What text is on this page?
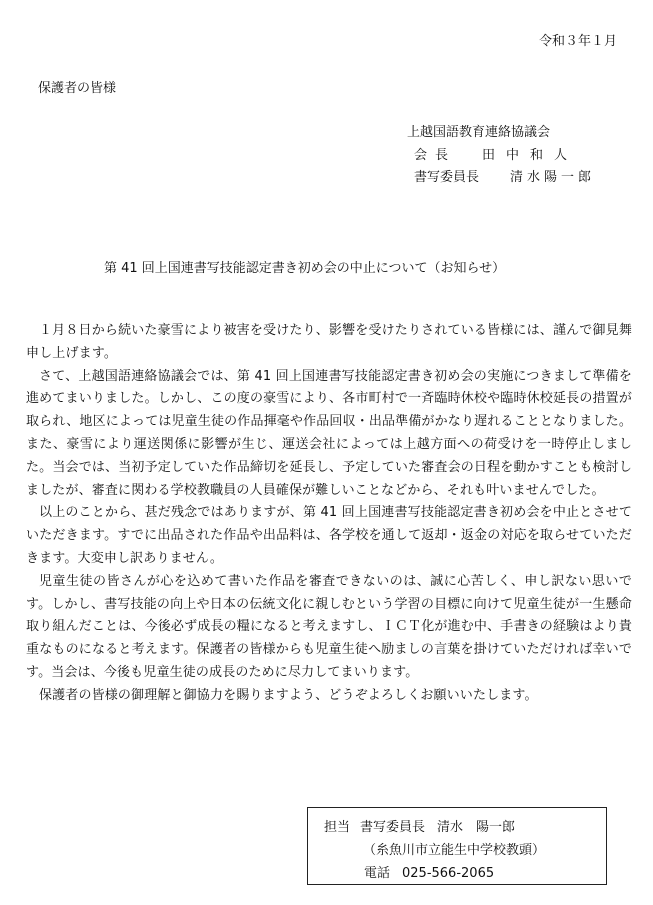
令和３年１月
保護者の皆様
上越国語教育連絡協議会
会長 田中和人
書写委員長 清水陽一郎
第 41 回上国連書写技能認定書き初め会の中止について（お知らせ）

１月８日から続いた豪雪により被害を受けたり、影響を受けたりされている皆様には、謹んで御見舞申し上げます。

さて、上越国語連絡協議会では、第 41 回上国連書写技能認定書き初め会の実施につきまして準備を進めてまいりました。しかし、この度の豪雪により、各市町村で一斉臨時休校や臨時休校延長の措置が取られ、地区によっては児童生徒の作品揮毫や作品回収・出品準備がかなり遅れることとなりました。また、豪雪により運送関係に影響が生じ、運送会社によっては上越方面への荷受けを一時停止しました。当会では、当初予定していた作品締切を延長し、予定していた審査会の日程を動かすことも検討しましたが、審査に関わる学校教職員の人員確保が難しいことなどから、それも叶いませんでした。

以上のことから、甚だ残念ではありますが、第 41 回上国連書写技能認定書き初め会を中止とさせていただきます。すでに出品された作品や出品料は、各学校を通して返却・返金の対応を取らせていただきます。大変申し訳ありません。

児童生徒の皆さんが心を込めて書いた作品を審査できないのは、誠に心苦しく、申し訳ない思いです。しかし、書写技能の向上や日本の伝統文化に親しむという学習の目標に向けて児童生徒が一生懸命取り組んだことは、今後必ず成長の糧になると考えますし、ＩＣＴ化が進む中、手書きの経験はより貴重なものになると考えます。保護者の皆様からも児童生徒へ励ましの言葉を掛けていただければ幸いです。当会は、今後も児童生徒の成長のために尽力してまいります。

保護者の皆様の御理解と御協力を賜りますよう、どうぞよろしくお願いいたします。

担当 書写委員長 清水　陽一郎
（糸魚川市立能生中学校教頭）
電話 025-566-2065
